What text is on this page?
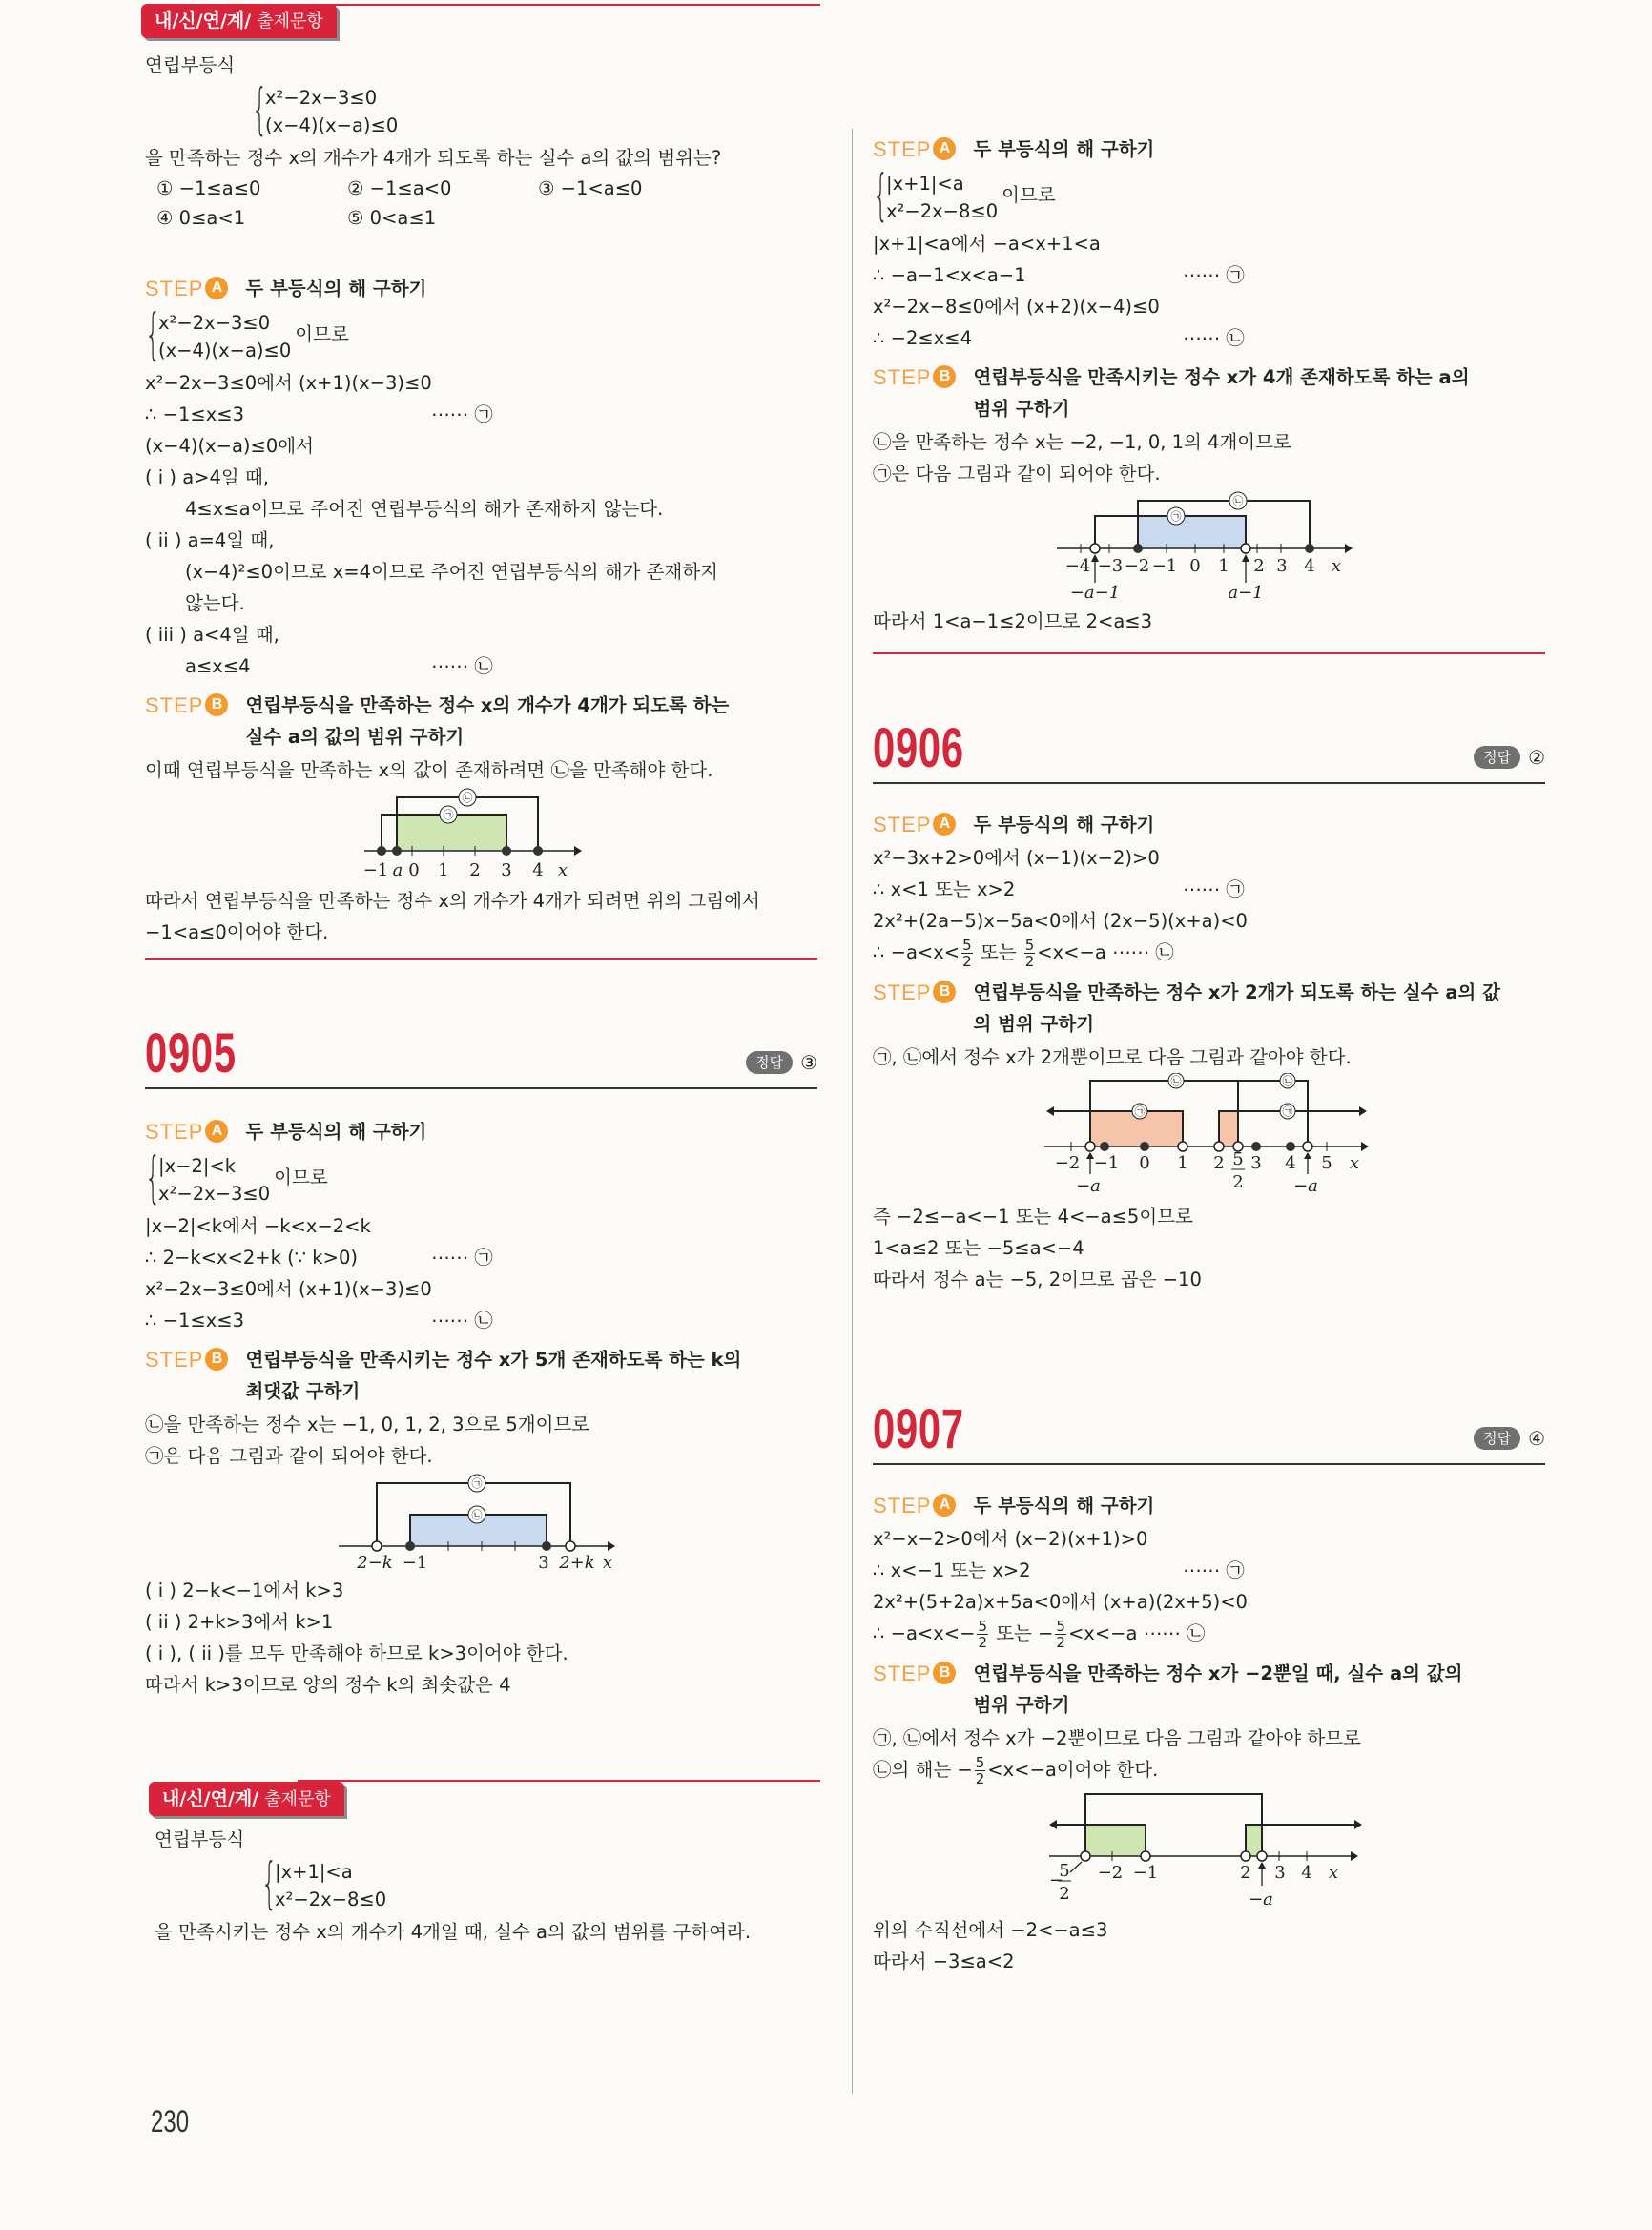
내/신/연/계/ 출제문항
연립부등식
{
x²−2x−3≤0
(x−4)(x−a)≤0
을 만족하는 정수 x의 개수가 4개가 되도록 하는 실수 a의 값의 범위는?
① −1≤a≤0	② −1≤a<0	③ −1<a≤0
④ 0≤a<1	⑤ 0<a≤1
STEP A	두 부등식의 해 구하기
{
x²−2x−3≤0
(x−4)(x−a)≤0
이므로
x²−2x−3≤0에서 (x+1)(x−3)≤0
∴ −1≤x≤3	⋯⋯ ㉠
(x−4)(x−a)≤0에서
( i ) a>4일 때,
4≤x≤a이므로 주어진 연립부등식의 해가 존재하지 않는다.
( ii ) a=4일 때,
(x−4)²≤0이므로 x=4이므로 주어진 연립부등식의 해가 존재하지
않는다.
( iii ) a<4일 때,
a≤x≤4	⋯⋯ ㉡
STEP B	연립부등식을 만족하는 정수 x의 개수가 4개가 되도록 하는
실수 a의 값의 범위 구하기
이때 연립부등식을 만족하는 x의 값이 존재하려면 ㉡을 만족해야 한다.
㉡
㉠
−1 a 0 1 2 3 4 x
따라서 연립부등식을 만족하는 정수 x의 개수가 4개가 되려면 위의 그림에서
−1<a≤0이어야 한다.
0905	정답 ③
STEP A	두 부등식의 해 구하기
{
|x−2|<k
x²−2x−3≤0
이므로
|x−2|<k에서 −k<x−2<k
∴ 2−k<x<2+k (∵ k>0)	⋯⋯ ㉠
x²−2x−3≤0에서 (x+1)(x−3)≤0
∴ −1≤x≤3	⋯⋯ ㉡
STEP B	연립부등식을 만족시키는 정수 x가 5개 존재하도록 하는 k의
최댓값 구하기
㉡을 만족하는 정수 x는 −1, 0, 1, 2, 3으로 5개이므로
㉠은 다음 그림과 같이 되어야 한다.
㉠
㉡
2−k −1	3 2+k x
( i ) 2−k<−1에서 k>3
( ii ) 2+k>3에서 k>1
( i ), ( ii )를 모두 만족해야 하므로 k>3이어야 한다.
따라서 k>3이므로 양의 정수 k의 최솟값은 4
내/신/연/계/ 출제문항
연립부등식
{
|x+1|<a
x²−2x−8≤0
을 만족시키는 정수 x의 개수가 4개일 때, 실수 a의 값의 범위를 구하여라.
STEP A	두 부등식의 해 구하기
{
|x+1|<a
x²−2x−8≤0
이므로
|x+1|<a에서 −a<x+1<a
∴ −a−1<x<a−1	⋯⋯ ㉠
x²−2x−8≤0에서 (x+2)(x−4)≤0
∴ −2≤x≤4	⋯⋯ ㉡
STEP B	연립부등식을 만족시키는 정수 x가 4개 존재하도록 하는 a의
범위 구하기
㉡을 만족하는 정수 x는 −2, −1, 0, 1의 4개이므로
㉠은 다음 그림과 같이 되어야 한다.
㉡
㉠
−4 −3 −2 −1 0 1 2 3 4 x
−a−1	a−1
따라서 1<a−1≤2이므로 2<a≤3
0906	정답 ②
STEP A	두 부등식의 해 구하기
x²−3x+2>0에서 (x−1)(x−2)>0
∴ x<1 또는 x>2	⋯⋯ ㉠
2x²+(2a−5)x−5a<0에서 (2x−5)(x+a)<0
∴ $-a<x< \frac{5}{2}$ 또는 $\frac{5}{2} <x<-a$ ⋯⋯ ㉡
STEP B	연립부등식을 만족하는 정수 x가 2개가 되도록 하는 실수 a의 값
의 범위 구하기
㉠, ㉡에서 정수 x가 2개뿐이므로 다음 그림과 같아야 한다.
㉡	㉡
㉠	㉠
−2 −1 0 1 2 5
2
3 4 5 x
−a	−a
즉 −2≤−a<−1 또는 4<−a≤5이므로
1<a≤2 또는 −5≤a<−4
따라서 정수 a는 −5, 2이므로 곱은 −10
0907	정답 ④
STEP A	두 부등식의 해 구하기
x²−x−2>0에서 (x−2)(x+1)>0
∴ x<−1 또는 x>2	⋯⋯ ㉠
2x²+(5+2a)x+5a<0에서 (x+a)(2x+5)<0
∴ $-a<x<- \frac{5}{2}$ 또는 − $\frac{5}{2} <x<-a$ ⋯⋯ ㉡
STEP B	연립부등식을 만족하는 정수 x가 −2뿐일 때, 실수 a의 값의
범위 구하기
㉠, ㉡에서 정수 x가 −2뿐이므로 다음 그림과 같아야 하므로
㉡의 해는 − $\frac{5}{2} <x<-a$이어야 한다.
−
5
2
−2 −1	2 3 4 x
−a
위의 수직선에서 −2<−a≤3
따라서 −3≤a<2
230
